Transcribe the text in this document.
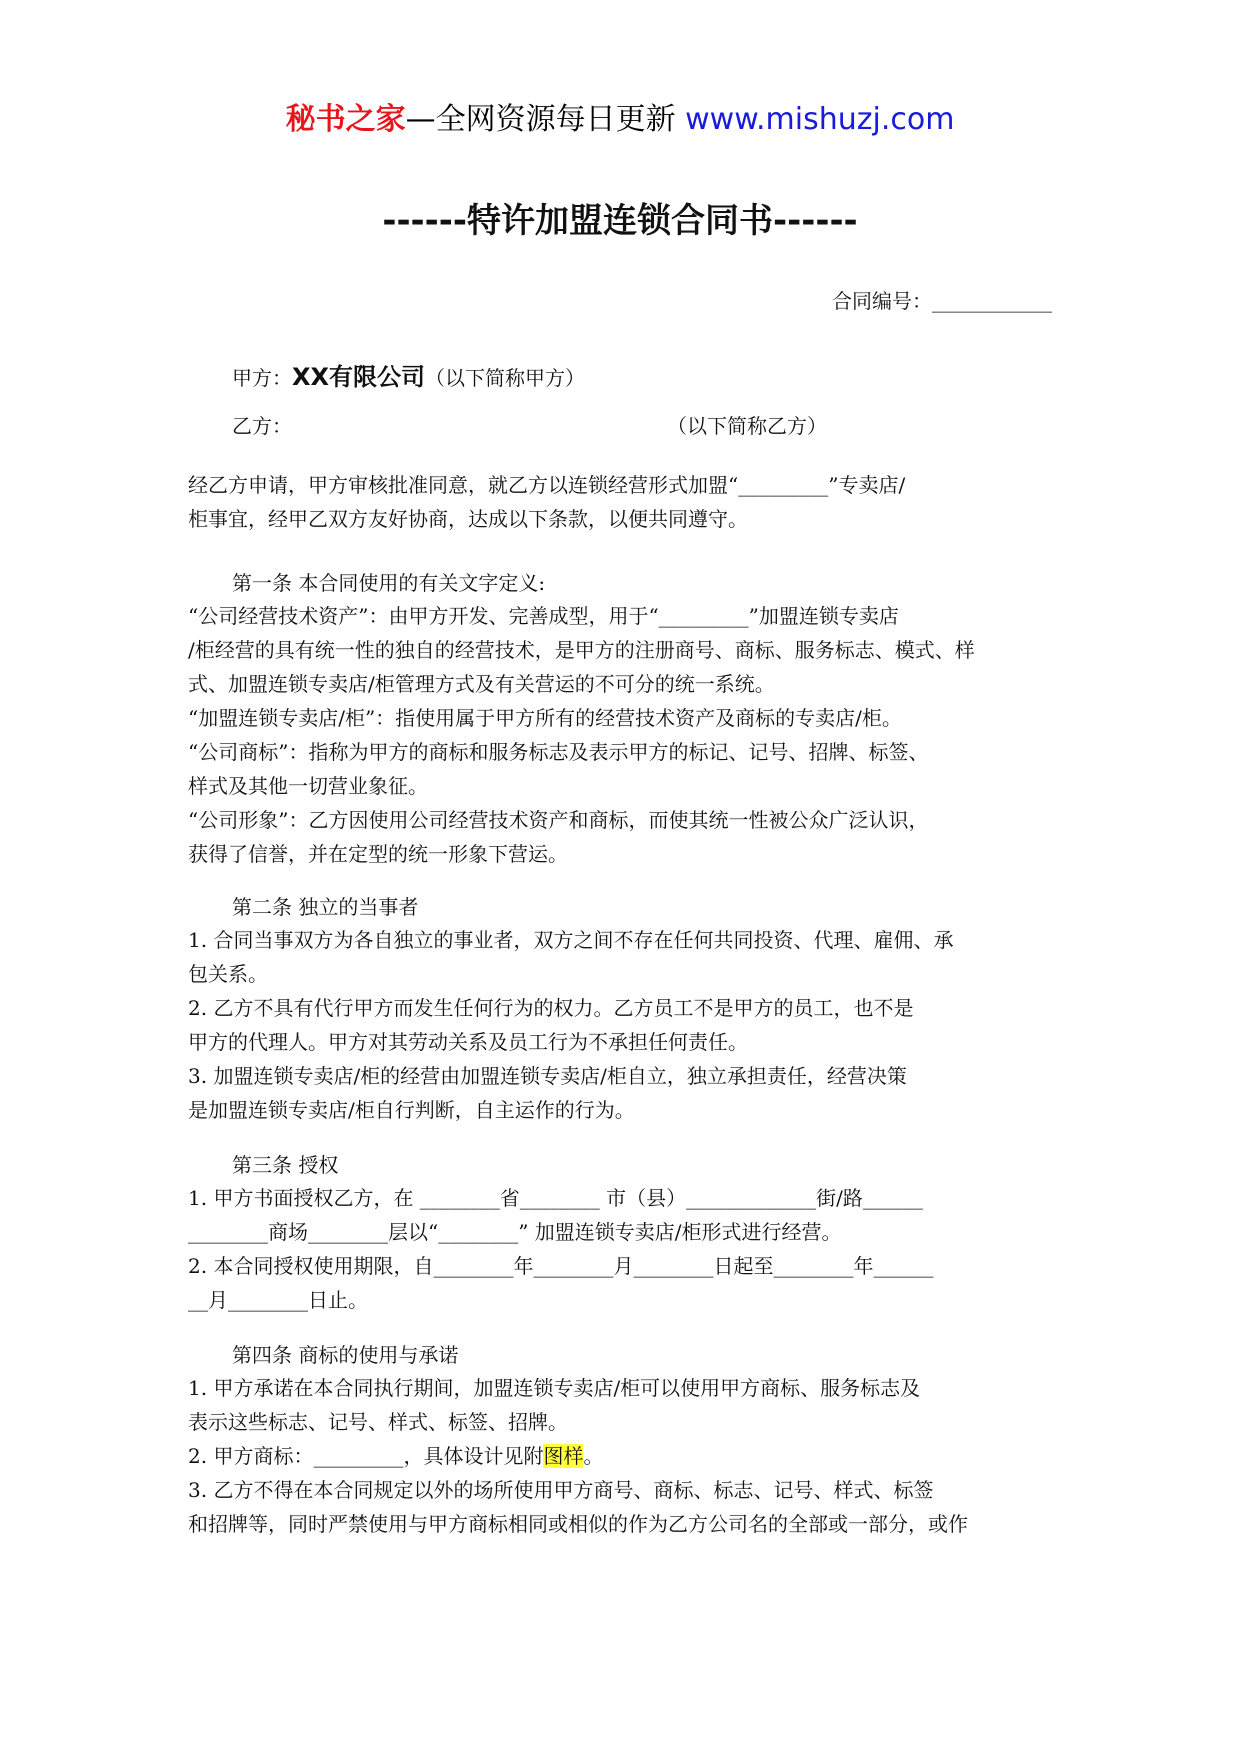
秘书之家—全网资源每日更新 www.mishuzj.com
------特许加盟连锁合同书------
合同编号：____________
甲方：XX有限公司（以下简称甲方）
乙方：	（以下简称乙方）
经乙方申请，甲方审核批准同意，就乙方以连锁经营形式加盟“_________”专卖店/
柜事宜，经甲乙双方友好协商，达成以下条款，以便共同遵守。
第一条 本合同使用的有关文字定义:
“公司经营技术资产”：由甲方开发、完善成型，用于“_________”加盟连锁专卖店
/柜经营的具有统一性的独自的经营技术，是甲方的注册商号、商标、服务标志、模式、样
式、加盟连锁专卖店/柜管理方式及有关营运的不可分的统一系统。
“加盟连锁专卖店/柜”：指使用属于甲方所有的经营技术资产及商标的专卖店/柜。
“公司商标”：指称为甲方的商标和服务标志及表示甲方的标记、记号、招牌、标签、
样式及其他一切营业象征。
“公司形象”：乙方因使用公司经营技术资产和商标，而使其统一性被公众广泛认识，
获得了信誉，并在定型的统一形象下营运。
第二条 独立的当事者
1. 合同当事双方为各自独立的事业者，双方之间不存在任何共同投资、代理、雇佣、承
包关系。
2. 乙方不具有代行甲方而发生任何行为的权力。乙方员工不是甲方的员工，也不是
甲方的代理人。甲方对其劳动关系及员工行为不承担任何责任。
3. 加盟连锁专卖店/柜的经营由加盟连锁专卖店/柜自立，独立承担责任，经营决策
是加盟连锁专卖店/柜自行判断，自主运作的行为。
第三条 授权
1. 甲方书面授权乙方，在 ________省________ 市（县）_____________街/路______
________商场________层以“________” 加盟连锁专卖店/柜形式进行经营。
2. 本合同授权使用期限，自________年________月________日起至________年______
__月________日止。
第四条 商标的使用与承诺
1. 甲方承诺在本合同执行期间，加盟连锁专卖店/柜可以使用甲方商标、服务标志及
表示这些标志、记号、样式、标签、招牌。
2. 甲方商标：_________，具体设计见附图样。
3. 乙方不得在本合同规定以外的场所使用甲方商号、商标、标志、记号、样式、标签
和招牌等，同时严禁使用与甲方商标相同或相似的作为乙方公司名的全部或一部分，或作
